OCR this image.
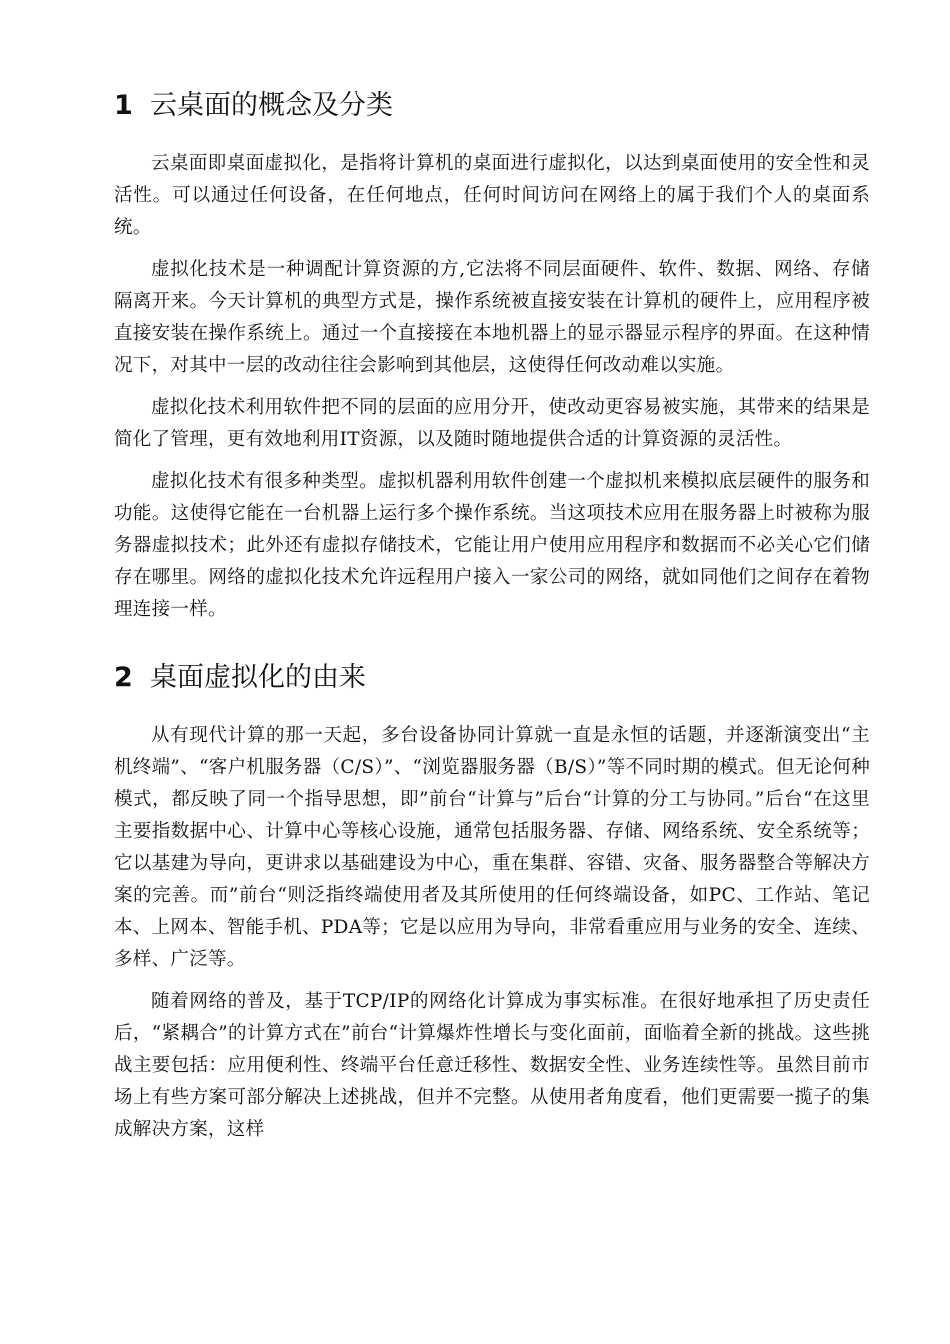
1 云桌面的概念及分类

云桌面即桌面虚拟化，是指将计算机的桌面进行虚拟化，以达到桌面使用的安全性和灵活性。可以通过任何设备，在任何地点，任何时间访问在网络上的属于我们个人的桌面系统。

虚拟化技术是一种调配计算资源的方,它法将不同层面硬件、软件、数据、网络、存储隔离开来。今天计算机的典型方式是，操作系统被直接安装在计算机的硬件上，应用程序被直接安装在操作系统上。通过一个直接接在本地机器上的显示器显示程序的界面。在这种情况下，对其中一层的改动往往会影响到其他层，这使得任何改动难以实施。

虚拟化技术利用软件把不同的层面的应用分开，使改动更容易被实施，其带来的结果是简化了管理，更有效地利用IT资源，以及随时随地提供合适的计算资源的灵活性。

虚拟化技术有很多种类型。虚拟机器利用软件创建一个虚拟机来模拟底层硬件的服务和功能。这使得它能在一台机器上运行多个操作系统。当这项技术应用在服务器上时被称为服务器虚拟技术；此外还有虚拟存储技术，它能让用户使用应用程序和数据而不必关心它们储存在哪里。网络的虚拟化技术允许远程用户接入一家公司的网络，就如同他们之间存在着物理连接一样。

2 桌面虚拟化的由来

从有现代计算的那一天起，多台设备协同计算就一直是永恒的话题，并逐渐演变出“主机终端”、“客户机服务器（C/S）”、“浏览器服务器（B/S）”等不同时期的模式。但无论何种模式，都反映了同一个指导思想，即”前台“计算与”后台“计算的分工与协同。”后台“在这里主要指数据中心、计算中心等核心设施，通常包括服务器、存储、网络系统、安全系统等；它以基建为导向，更讲求以基础建设为中心，重在集群、容错、灾备、服务器整合等解决方案的完善。而”前台“则泛指终端使用者及其所使用的任何终端设备，如PC、工作站、笔记本、上网本、智能手机、PDA等；它是以应用为导向，非常看重应用与业务的安全、连续、多样、广泛等。

随着网络的普及，基于TCP/IP的网络化计算成为事实标准。在很好地承担了历史责任后，“紧耦合”的计算方式在”前台“计算爆炸性增长与变化面前，面临着全新的挑战。这些挑战主要包括：应用便利性、终端平台任意迁移性、数据安全性、业务连续性等。虽然目前市场上有些方案可部分解决上述挑战，但并不完整。从使用者角度看，他们更需要一揽子的集成解决方案，这样
